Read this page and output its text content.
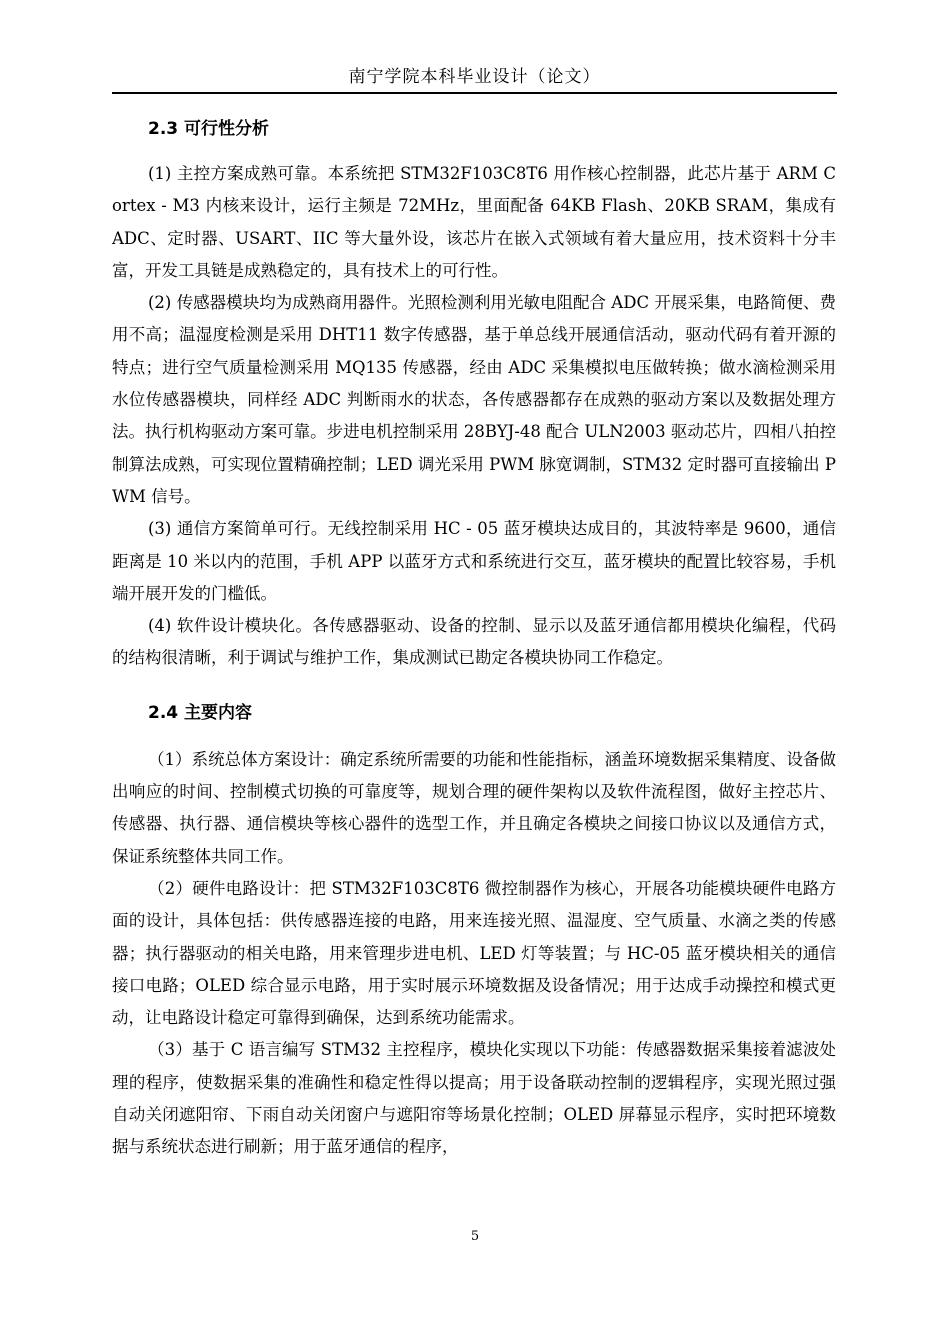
南宁学院本科毕业设计（论文）
2.3 可行性分析

(1) 主控方案成熟可靠。本系统把 STM32F103C8T6 用作核心控制器，此芯片基于 ARM Cortex - M3 内核来设计，运行主频是 72MHz，里面配备 64KB Flash、20KB SRAM，集成有 ADC、定时器、USART、IIC 等大量外设，该芯片在嵌入式领域有着大量应用，技术资料十分丰富，开发工具链是成熟稳定的，具有技术上的可行性。

(2) 传感器模块均为成熟商用器件。光照检测利用光敏电阻配合 ADC 开展采集，电路简便、费用不高；温湿度检测是采用 DHT11 数字传感器，基于单总线开展通信活动，驱动代码有着开源的特点；进行空气质量检测采用 MQ135 传感器，经由 ADC 采集模拟电压做转换；做水滴检测采用水位传感器模块，同样经 ADC 判断雨水的状态，各传感器都存在成熟的驱动方案以及数据处理方法。执行机构驱动方案可靠。步进电机控制采用 28BYJ-48 配合 ULN2003 驱动芯片，四相八拍控制算法成熟，可实现位置精确控制；LED 调光采用 PWM 脉宽调制，STM32 定时器可直接输出 PWM 信号。

(3) 通信方案简单可行。无线控制采用 HC - 05 蓝牙模块达成目的，其波特率是 9600，通信距离是 10 米以内的范围，手机 APP 以蓝牙方式和系统进行交互，蓝牙模块的配置比较容易，手机端开展开发的门槛低。

(4) 软件设计模块化。各传感器驱动、设备的控制、显示以及蓝牙通信都用模块化编程，代码的结构很清晰，利于调试与维护工作，集成测试已勘定各模块协同工作稳定。

2.4 主要内容

（1）系统总体方案设计：确定系统所需要的功能和性能指标，涵盖环境数据采集精度、设备做出响应的时间、控制模式切换的可靠度等，规划合理的硬件架构以及软件流程图，做好主控芯片、传感器、执行器、通信模块等核心器件的选型工作，并且确定各模块之间接口协议以及通信方式，保证系统整体共同工作。

（2）硬件电路设计：把 STM32F103C8T6 微控制器作为核心，开展各功能模块硬件电路方面的设计，具体包括：供传感器连接的电路，用来连接光照、温湿度、空气质量、水滴之类的传感器；执行器驱动的相关电路，用来管理步进电机、LED 灯等装置；与 HC-05 蓝牙模块相关的通信接口电路；OLED 综合显示电路，用于实时展示环境数据及设备情况；用于达成手动操控和模式更动，让电路设计稳定可靠得到确保，达到系统功能需求。

（3）基于 C 语言编写 STM32 主控程序，模块化实现以下功能：传感器数据采集接着滤波处理的程序，使数据采集的准确性和稳定性得以提高；用于设备联动控制的逻辑程序，实现光照过强自动关闭遮阳帘、下雨自动关闭窗户与遮阳帘等场景化控制；OLED 屏幕显示程序，实时把环境数据与系统状态进行刷新；用于蓝牙通信的程序，

5
